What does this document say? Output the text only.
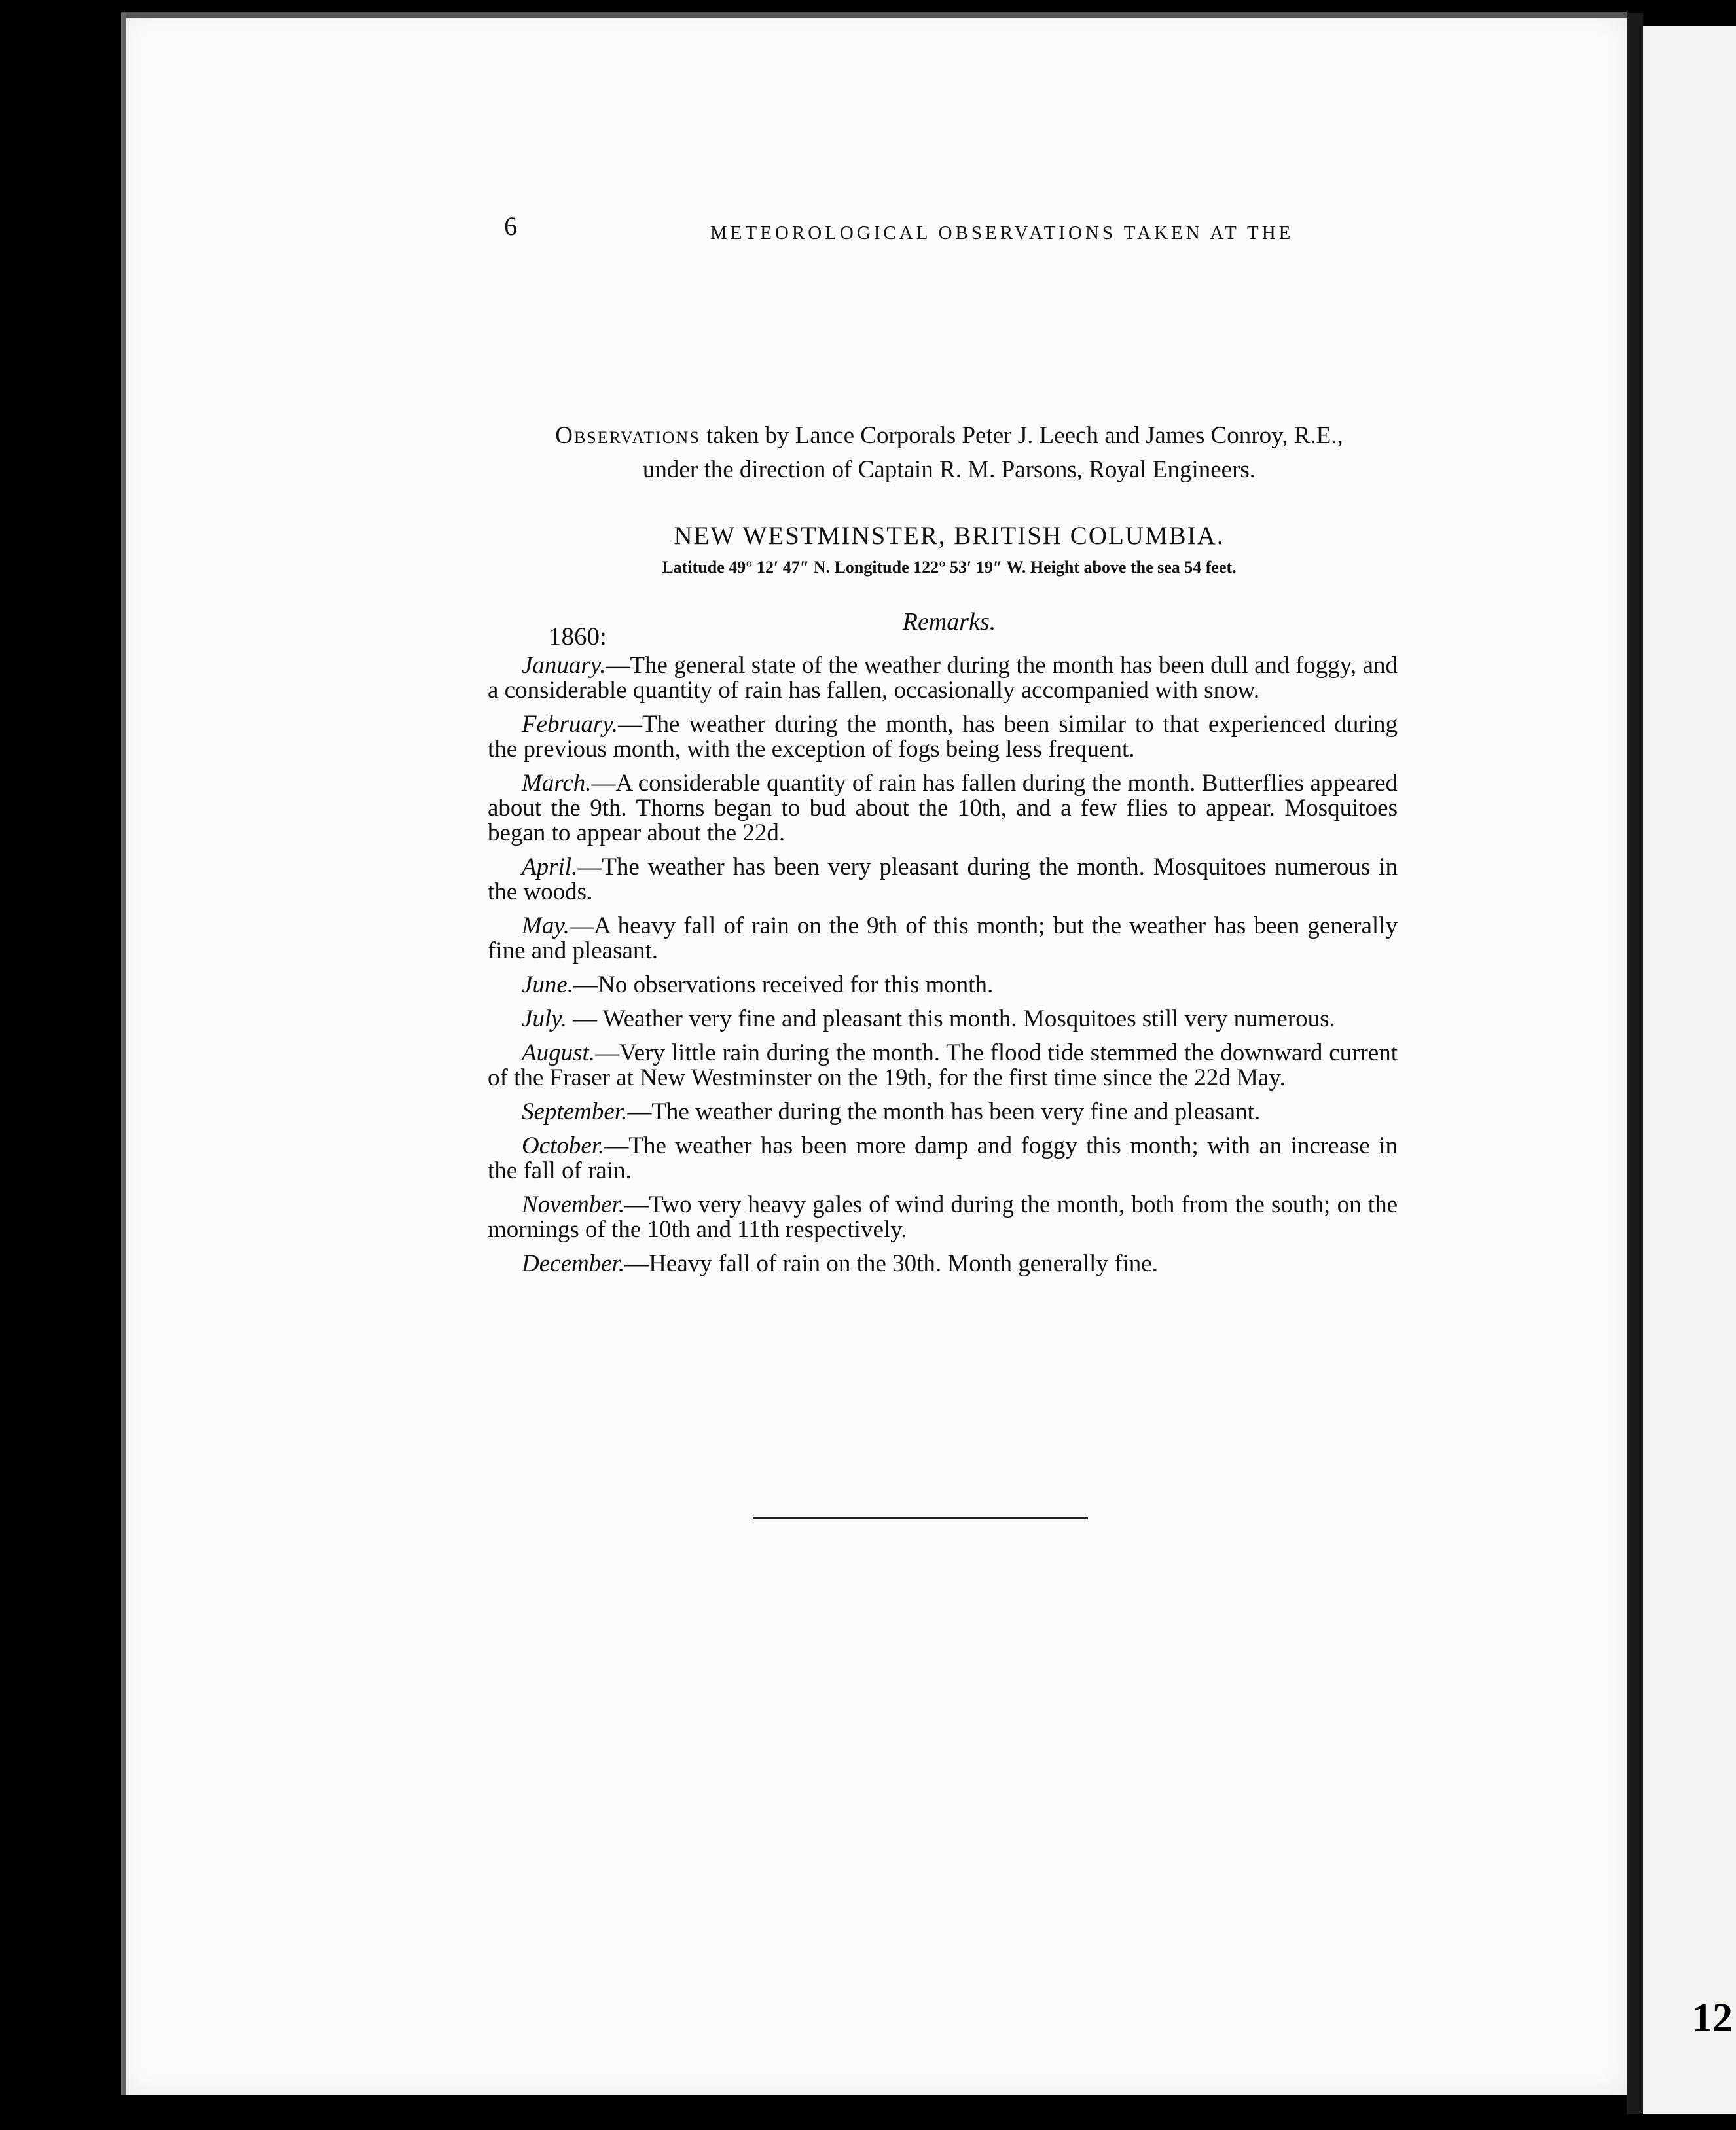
12
6	METEOROLOGICAL OBSERVATIONS TAKEN AT THE
Observations taken by Lance Corporals Peter J. Leech and James Conroy, R.E.,
under the direction of Captain R. M. Parsons, Royal Engineers.
NEW WESTMINSTER, BRITISH COLUMBIA.
Latitude 49° 12′ 47″ N. Longitude 122° 53′ 19″ W. Height above the sea 54 feet.
Remarks.
1860:

January.—The general state of the weather during the month has been dull and foggy, and a considerable quantity of rain has fallen, occasionally accompanied with snow.

February.—The weather during the month, has been similar to that experienced during the previous month, with the exception of fogs being less frequent.

March.—A considerable quantity of rain has fallen during the month. Butterflies appeared about the 9th. Thorns began to bud about the 10th, and a few flies to appear. Mosquitoes began to appear about the 22d.

April.—The weather has been very pleasant during the month. Mosquitoes numerous in the woods.

May.—A heavy fall of rain on the 9th of this month; but the weather has been generally fine and pleasant.

June.—No observations received for this month.

July. — Weather very fine and pleasant this month. Mosquitoes still very numerous.

August.—Very little rain during the month. The flood tide stemmed the downward current of the Fraser at New Westminster on the 19th, for the first time since the 22d May.

September.—The weather during the month has been very fine and pleasant.

October.—The weather has been more damp and foggy this month; with an increase in the fall of rain.

November.—Two very heavy gales of wind during the month, both from the south; on the mornings of the 10th and 11th respectively.

December.—Heavy fall of rain on the 30th. Month generally fine.
